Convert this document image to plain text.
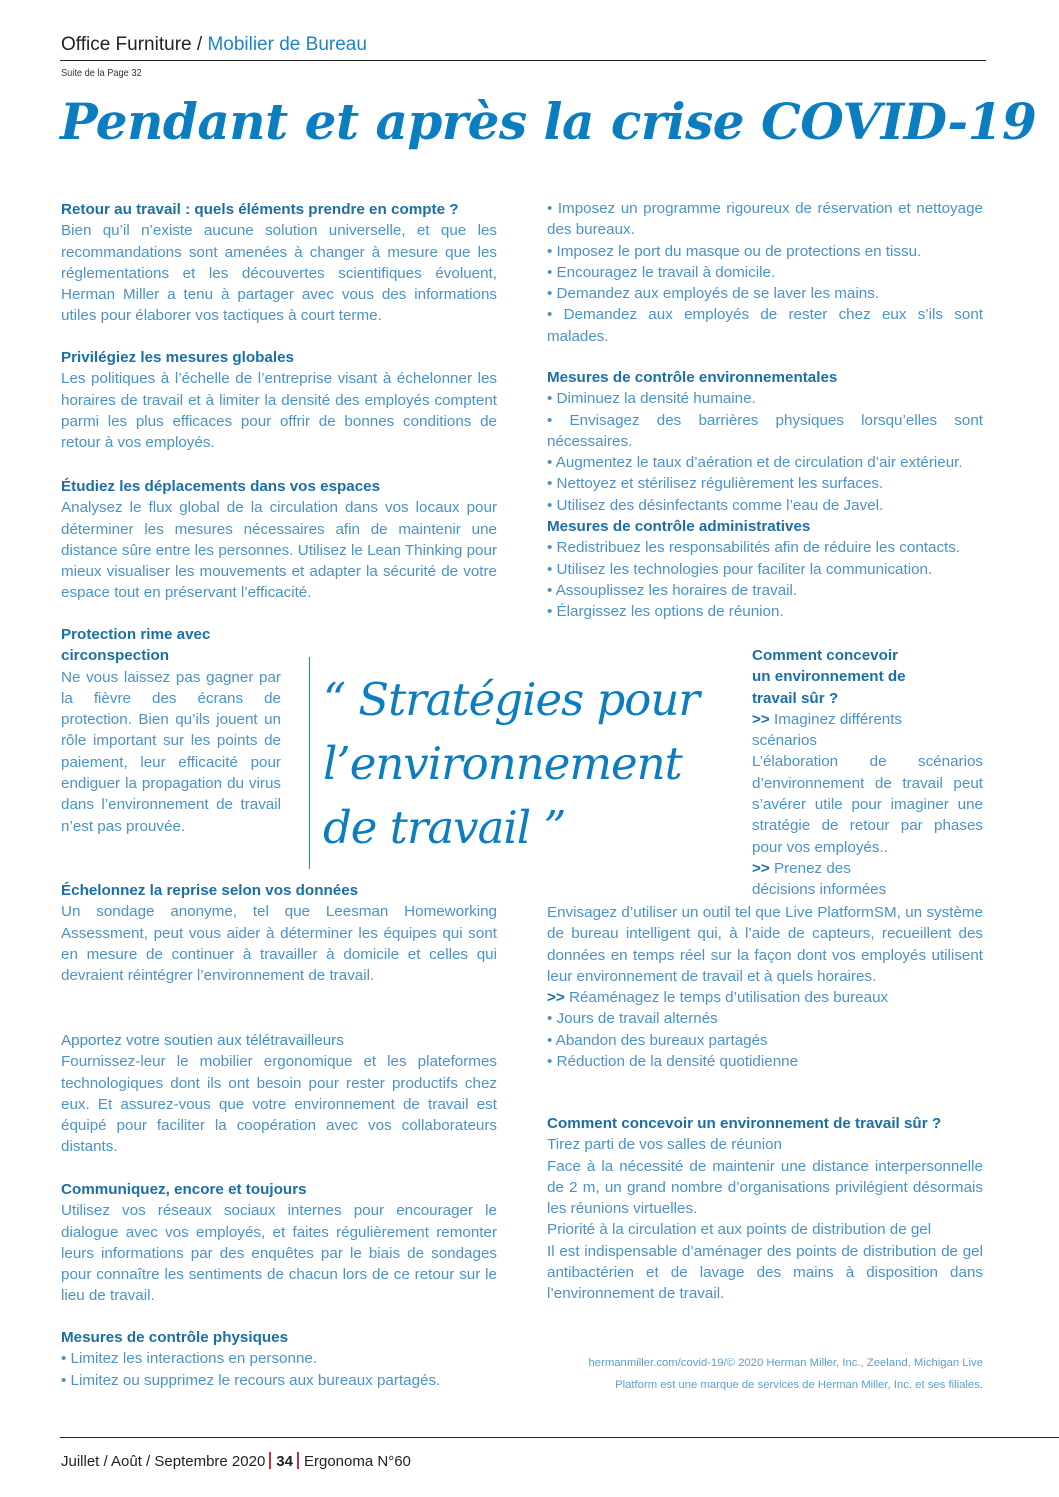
Office Furniture / Mobilier de Bureau
Suite de la Page 32
Pendant et après la crise COVID-19
“ Stratégies pour
l’environnement
de travail ”

Retour au travail : quels éléments prendre en compte ?

Bien qu’il n’existe aucune solution universelle, et que les recommandations sont amenées à changer à mesure que les réglementations et les découvertes scientifiques évoluent, Herman Miller a tenu à partager avec vous des informations utiles pour élaborer vos tactiques à court terme.

Privilégiez les mesures globales

Les politiques à l’échelle de l’entreprise visant à échelonner les horaires de travail et à limiter la densité des employés comptent parmi les plus efficaces pour offrir de bonnes conditions de retour à vos employés.

Étudiez les déplacements dans vos espaces

Analysez le flux global de la circulation dans vos locaux pour déterminer les mesures nécessaires afin de maintenir une distance sûre entre les personnes. Utilisez le Lean Thinking pour mieux visualiser les mouvements et adapter la sécurité de votre espace tout en préservant l’efficacité.

Protection rime avec circonspection

Ne vous laissez pas gagner par la fièvre des écrans de protection. Bien qu’ils jouent un rôle important sur les points de paiement, leur efficacité pour endiguer la propagation du virus dans l’environnement de travail n’est pas prouvée.

Échelonnez la reprise selon vos données

Un sondage anonyme, tel que Leesman Homeworking Assessment, peut vous aider à déterminer les équipes qui sont en mesure de continuer à travailler à domicile et celles qui devraient réintégrer l’environnement de travail.

Apportez votre soutien aux télétravailleurs

Fournissez-leur le mobilier ergonomique et les plateformes technologiques dont ils ont besoin pour rester productifs chez eux. Et assurez-vous que votre environnement de travail est équipé pour faciliter la coopération avec vos collaborateurs distants.

Communiquez, encore et toujours

Utilisez vos réseaux sociaux internes pour encourager le dialogue avec vos employés, et faites régulièrement remonter leurs informations par des enquêtes par le biais de sondages pour connaître les sentiments de chacun lors de ce retour sur le lieu de travail.

Mesures de contrôle physiques

• Limitez les interactions en personne.

• Limitez ou supprimez le recours aux bureaux partagés.

• Imposez un programme rigoureux de réservation et nettoyage des bureaux.

• Imposez le port du masque ou de protections en tissu.

• Encouragez le travail à domicile.

• Demandez aux employés de se laver les mains.

• Demandez aux employés de rester chez eux s’ils sont malades.

Mesures de contrôle environnementales

• Diminuez la densité humaine.

• Envisagez des barrières physiques lorsqu’elles sont nécessaires.

• Augmentez le taux d’aération et de circulation d’air extérieur.

• Nettoyez et stérilisez régulièrement les surfaces.

• Utilisez des désinfectants comme l’eau de Javel.

Mesures de contrôle administratives

• Redistribuez les responsabilités afin de réduire les contacts.

• Utilisez les technologies pour faciliter la communication.

• Assouplissez les horaires de travail.

• Élargissez les options de réunion.

Comment concevoir un environnement de travail sûr ?

>> Imaginez différents scénarios

L’élaboration de scénarios d’environnement de travail peut s’avérer utile pour imaginer une stratégie de retour par phases pour vos employés..

>> Prenez des décisions informées

Envisagez d’utiliser un outil tel que Live PlatformSM, un système de bureau intelligent qui, à l’aide de capteurs, recueillent des données en temps réel sur la façon dont vos employés utilisent leur environnement de travail et à quels horaires.

>> Réaménagez le temps d’utilisation des bureaux

• Jours de travail alternés

• Abandon des bureaux partagés

• Réduction de la densité quotidienne

Comment concevoir un environnement de travail sûr ?

Tirez parti de vos salles de réunion

Face à la nécessité de maintenir une distance interpersonnelle de 2 m, un grand nombre d’organisations privilégient désormais les réunions virtuelles.

Priorité à la circulation et aux points de distribution de gel

Il est indispensable d’aménager des points de distribution de gel antibactérien et de lavage des mains à disposition dans l’environnement de travail.

hermanmiller.com/covid-19/© 2020 Herman Miller, Inc., Zeeland, Michigan Live
Platform est une marque de services de Herman Miller, Inc. et ses filiales.
Juillet / Août / Septembre 2020 34 Ergonoma N°60
